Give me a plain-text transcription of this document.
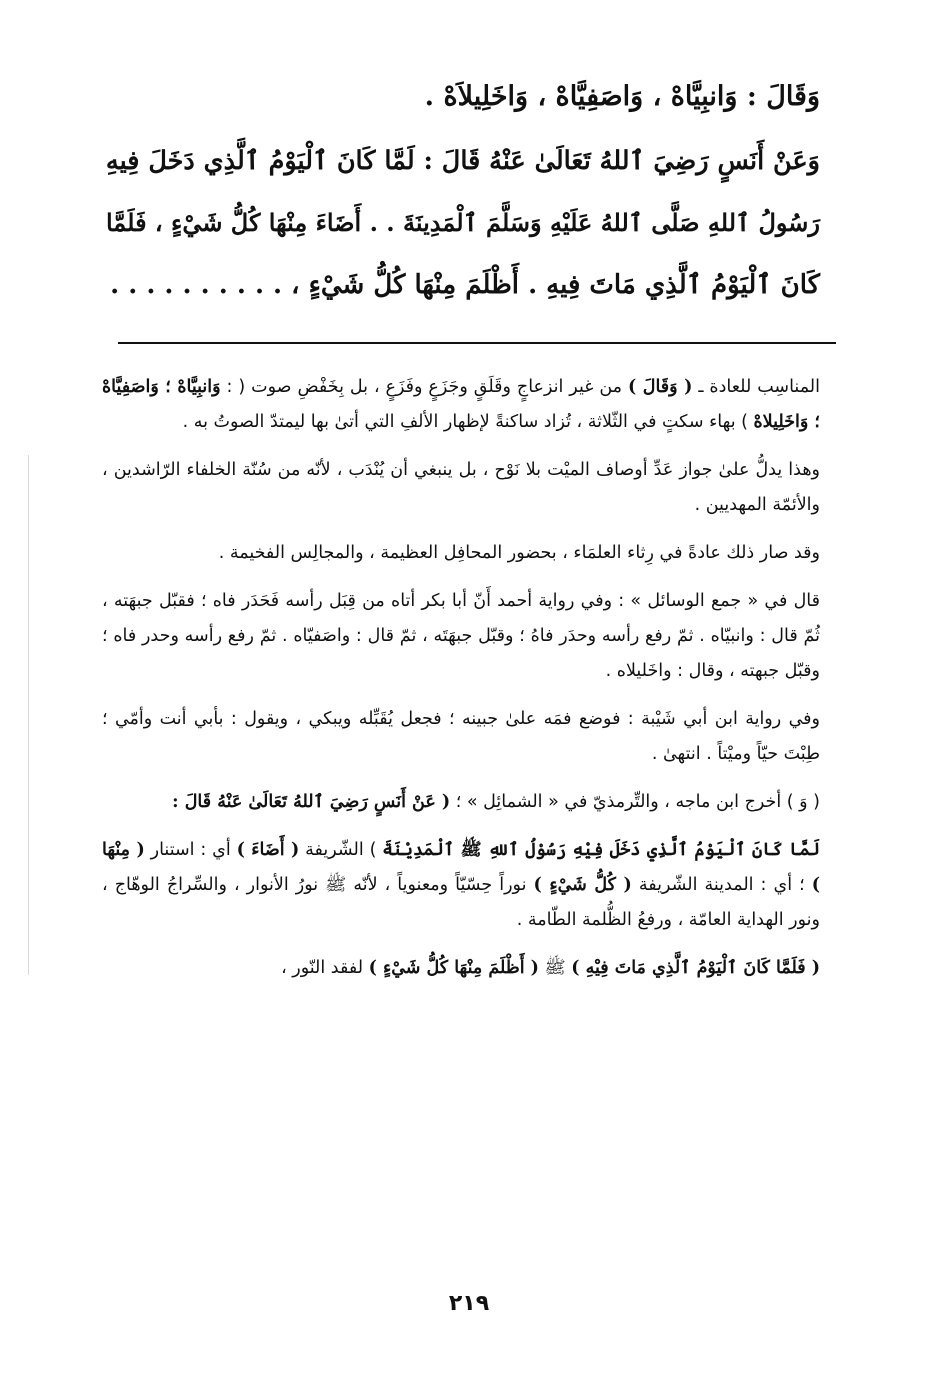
وَقَالَ : وَانبِيَّاهْ ، وَاصَفِيَّاهْ ، وَاخَلِيلاَهْ .
وَعَنْ أَنَسٍ رَضِيَ ٱللهُ تَعَالَىٰ عَنْهُ قَالَ : لَمَّا كَانَ ٱلْيَوْمُ ٱلَّذِي دَخَلَ فِيهِ
رَسُولُ ٱللهِ صَلَّى ٱللهُ عَلَيْهِ وَسَلَّمَ ٱلْمَدِينَةَ . . أَضَاءَ مِنْهَا كُلُّ شَيْءٍ ، فَلَمَّا
كَانَ ٱلْيَوْمُ ٱلَّذِي مَاتَ فِيهِ . أَظْلَمَ مِنْهَا كُلُّ شَيْءٍ ، . . . . . . . . . .

المناسِب للعادة ـ ( وَقَالَ ) من غير انزعاجٍ وقَلَقٍ وجَزَعٍ وفَزَعٍ ، بل بِخَفْضِ صوت ( : وَانبِيَّاهْ ؛ وَاصَفِيَّاهْ ؛ وَاخَلِيلاهْ ) بهاء سكتٍ في الثّلاثة ، تُزاد ساكنةً لإظهار الألفِ التي أتىٰ بها ليمتدّ الصوتُ به .

وهذا يدلُّ علىٰ جواز عَدِّ أوصاف الميْت بلا نَوْح ، بل ينبغي أن يُنْدَب ، لأنّه من سُنّة الخلفاء الرّاشدين ، والأئمّة المهديين .

وقد صار ذلك عادةً في رِثاء العلمَاء ، بحضور المحافِل العظيمة ، والمجالِس الفخيمة .

قال في « جمع الوسائل » : وفي رواية أحمد أَنّ أبا بكر أتاه من قِبَل رأسه فَحَدَر فاه ؛ فقبّل جبهَته ، ثُمّ قال : وانبيّاه . ثمّ رفع رأسه وحدَر فاهُ ؛ وقبّل جبهَتَه ، ثمّ قال : واصَفيّاه . ثمّ رفع رأسه وحدر فاه ؛ وقبّل جبهته ، وقال : واخَليلاه .

وفي رواية ابن أبي شَيْبة : فوضع فمَه علىٰ جبينه ؛ فجعل يُقَبِّله ويبكي ، ويقول : بأبي أنت وأمّي ؛ طِبْتَ حيّاً وميْتاً . انتهىٰ .

( وَ ) أخرج ابن ماجه ، والتِّرمذيّ في « الشمائِل » ؛ ( عَنْ أَنَسٍ رَضِيَ ٱللهُ تَعَالَىٰ عَنْهُ قَالَ :

لَمَّا كَانَ ٱلْيَوْمُ ٱلَّذِي دَخَلَ فِيْهِ رَسُوْلُ ٱللهِ ﷺ ٱلْمَدِيْنَةَ ) الشّريفة ( أَضَاءَ ) أي : استنار ( مِنْهَا ) ؛ أي : المدينة الشّريفة ( كُلُّ شَيْءٍ ) نوراً حِسّيّاً ومعنوياً ، لأنّه ﷺ نورُ الأنوار ، والسِّراجُ الوهّاج ، ونور الهداية العامّة ، ورفعُ الظُّلمة الطّامة .

( فَلَمَّا كَانَ ٱلْيَوْمُ ٱلَّذِي مَاتَ فِيْهِ ) ﷺ ( أَظْلَمَ مِنْهَا كُلُّ شَيْءٍ ) لفقد النّور ،

٢١٩
